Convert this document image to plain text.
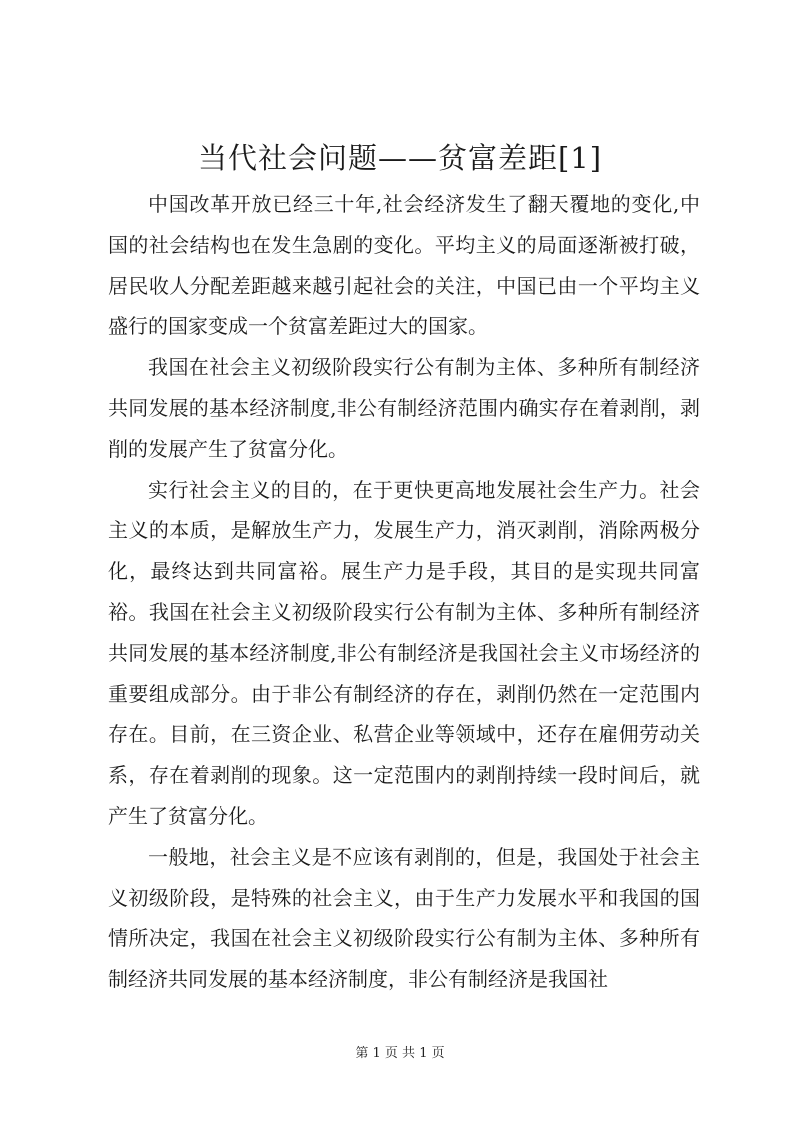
当代社会问题——贫富差距[1]

中国改革开放已经三十年,社会经济发生了翻天覆地的变化,中国的社会结构也在发生急剧的变化。平均主义的局面逐渐被打破，居民收人分配差距越来越引起社会的关注，中国已由一个平均主义盛行的国家变成一个贫富差距过大的国家。

我国在社会主义初级阶段实行公有制为主体、多种所有制经济共同发展的基本经济制度,非公有制经济范围内确实存在着剥削，剥削的发展产生了贫富分化。

实行社会主义的目的，在于更快更高地发展社会生产力。社会主义的本质，是解放生产力，发展生产力，消灭剥削，消除两极分化，最终达到共同富裕。展生产力是手段，其目的是实现共同富裕。我国在社会主义初级阶段实行公有制为主体、多种所有制经济共同发展的基本经济制度,非公有制经济是我国社会主义市场经济的重要组成部分。由于非公有制经济的存在，剥削仍然在一定范围内存在。目前，在三资企业、私营企业等领域中，还存在雇佣劳动关系，存在着剥削的现象。这一定范围内的剥削持续一段时间后，就产生了贫富分化。

一般地，社会主义是不应该有剥削的，但是，我国处于社会主义初级阶段，是特殊的社会主义，由于生产力发展水平和我国的国情所决定，我国在社会主义初级阶段实行公有制为主体、多种所有制经济共同发展的基本经济制度，非公有制经济是我国社

第 1 页 共 1 页
